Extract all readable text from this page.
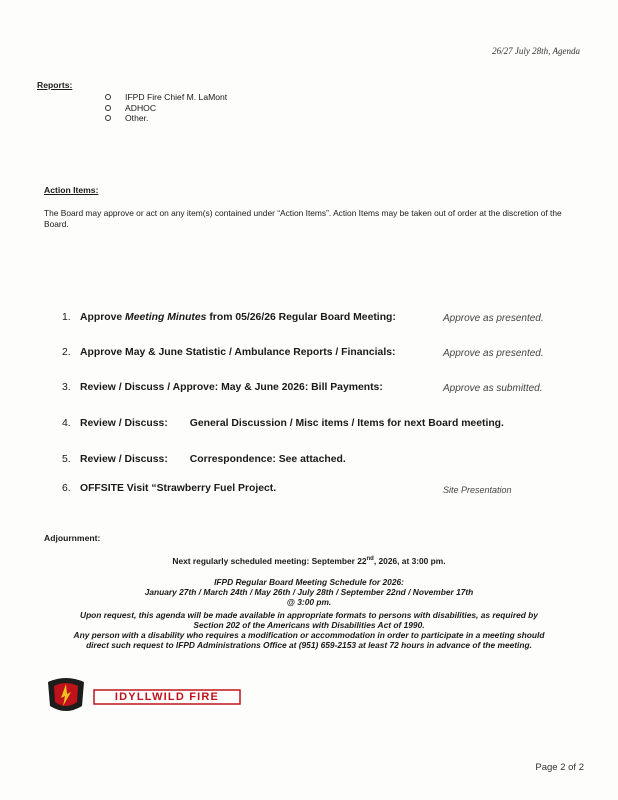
26/27 July 28th, Agenda
Reports:
IFPD Fire Chief M. LaMont
ADHOC
Other.
Action Items:
The Board may approve or act on any item(s) contained under “Action Items”. Action Items may be taken out of order at the discretion of the Board.
1. Approve Meeting Minutes from 05/26/26 Regular Board Meeting:	Approve as presented.
2. Approve May & June Statistic / Ambulance Reports / Financials:	Approve as presented.
3. Review / Discuss / Approve: May & June 2026: Bill Payments:	Approve as submitted.
4. Review / Discuss: General Discussion / Misc items / Items for next Board meeting.
5. Review / Discuss: Correspondence: See attached.
6. OFFSITE Visit “Strawberry Fuel Project.	Site Presentation
Adjournment:
Next regularly scheduled meeting: September 22nd, 2026, at 3:00 pm.
IFPD Regular Board Meeting Schedule for 2026:
January 27th / March 24th / May 26th / July 28th / September 22nd / November 17th
@ 3:00 pm.
Upon request, this agenda will be made available in appropriate formats to persons with disabilities, as required by
Section 202 of the Americans with Disabilities Act of 1990.
Any person with a disability who requires a modification or accommodation in order to participate in a meeting should
direct such request to IFPD Administrations Office at (951) 659-2153 at least 72 hours in advance of the meeting.
IDYLLWILD FIRE
Page 2 of 2
